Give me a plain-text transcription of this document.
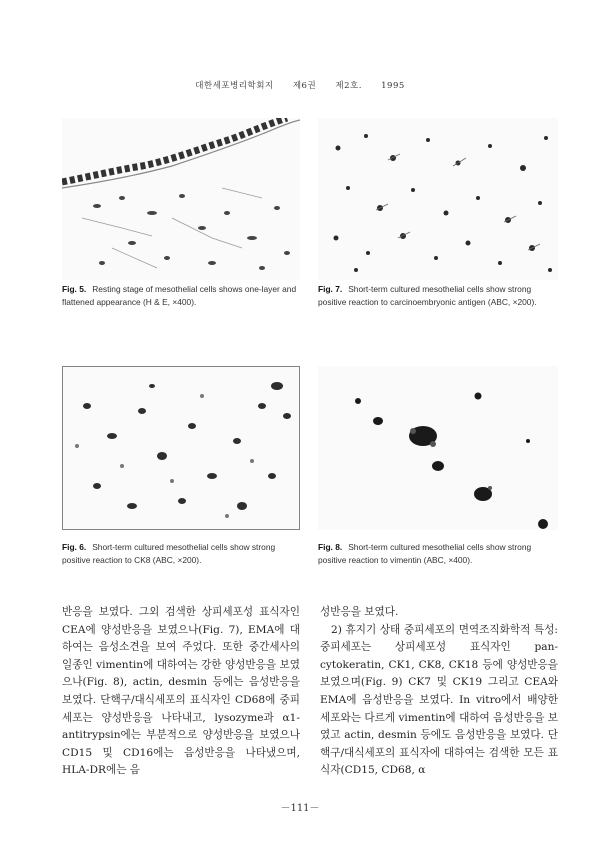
대한세포병리학회지 제6권 제2호. 1995
Fig. 5. Resting stage of mesothelial cells shows one-layer and flattened appearance (H & E, ×400).
Fig. 7. Short-term cultured mesothelial cells show strong positive reaction to carcinoembryonic antigen (ABC, ×200).
Fig. 6. Short-term cultured mesothelial cells show strong positive reaction to CK8 (ABC, ×200).
Fig. 8. Short-term cultured mesothelial cells show strong positive reaction to vimentin (ABC, ×400).

반응을 보였다. 그외 검색한 상피세포성 표식자인 CEA에 양성반응을 보였으나(Fig. 7), EMA에 대하여는 음성소견을 보여 주었다. 또한 중간세사의 일종인 vimentin에 대하여는 강한 양성반응을 보였으나(Fig. 8), actin, desmin 등에는 음성반응을 보였다. 단핵구/대식세포의 표식자인 CD68에 중피세포는 양성반응을 나타내고, lysozyme과 α1-antitrypsin에는 부분적으로 양성반응을 보였으나 CD15 및 CD16에는 음성반응을 나타냈으며, HLA-DR에는 음

성반응을 보였다.

2) 휴지기 상태 중피세포의 면역조직화학적 특성: 중피세포는 상피세포성 표식자인 pan-cytokeratin, CK1, CK8, CK18 등에 양성반응을 보였으며(Fig. 9) CK7 및 CK19 그리고 CEA와 EMA에 음성반응을 보였다. In vitro에서 배양한 세포와는 다르게 vimentin에 대하여 음성반응을 보였고 actin, desmin 등에도 음성반응을 보였다. 단핵구/대식세포의 표식자에 대하여는 검색한 모든 표식자(CD15, CD68, α

－111－
